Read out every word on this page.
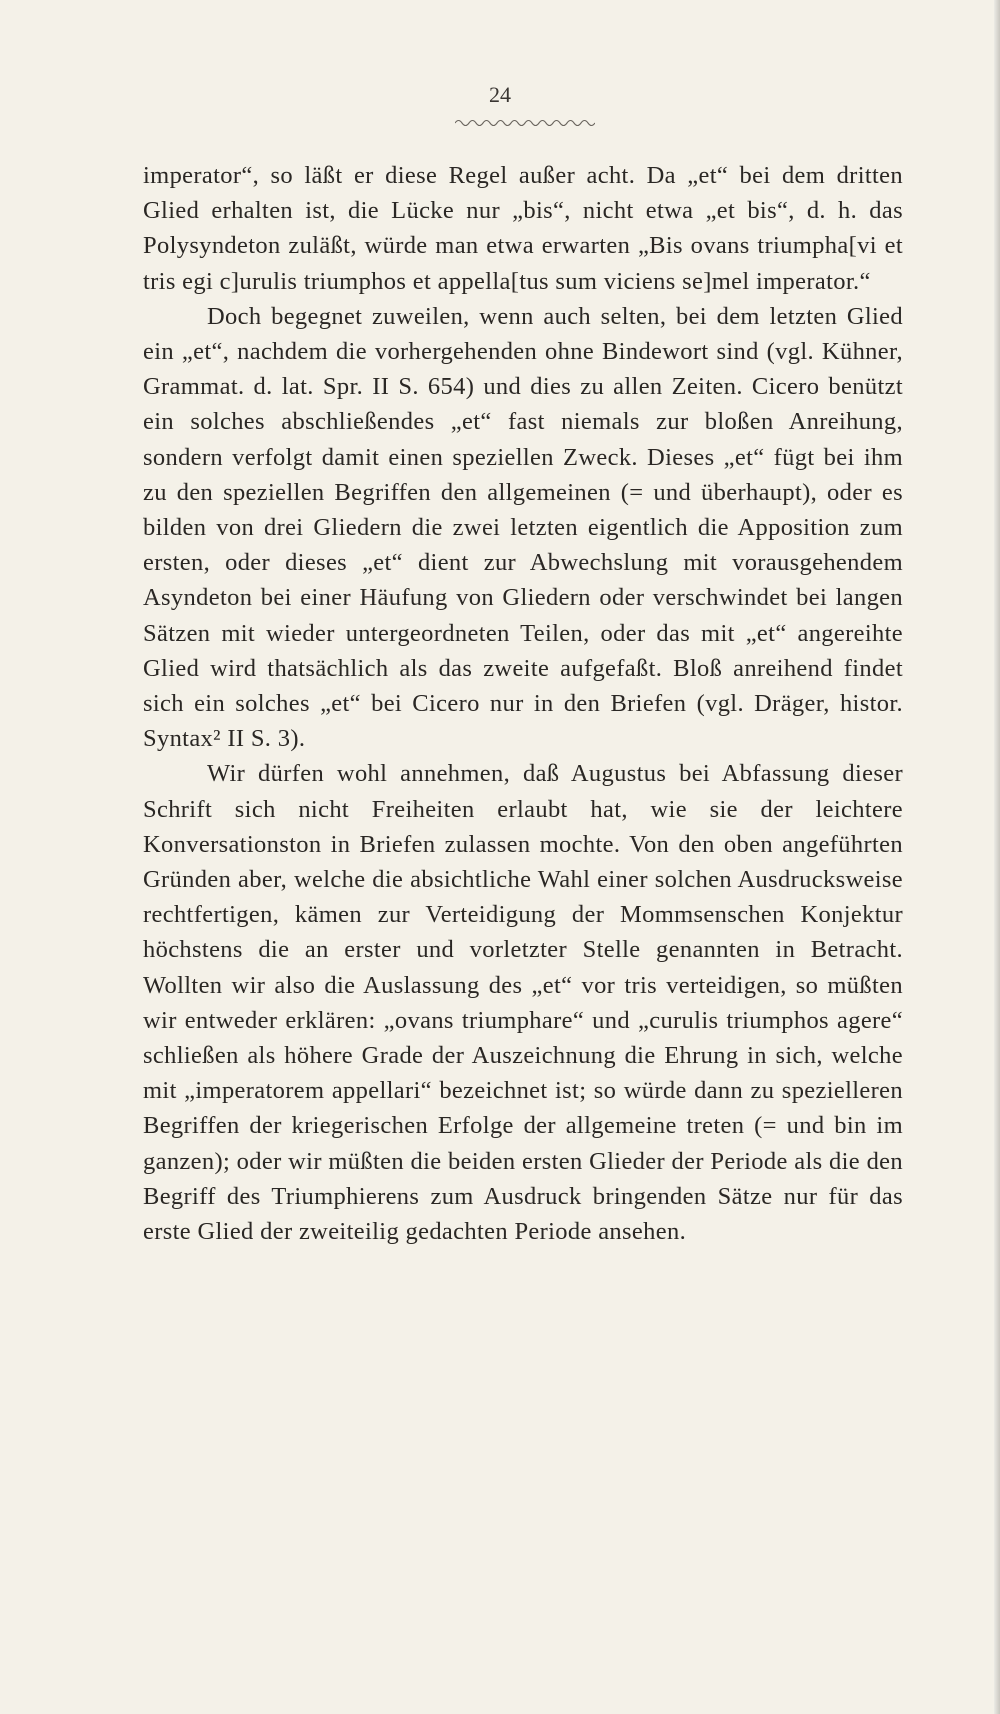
24

imperator“, so läßt er diese Regel außer acht. Da „et“ bei dem dritten Glied erhalten ist, die Lücke nur „bis“, nicht etwa „et bis“, d. h. das Polysyndeton zuläßt, würde man etwa erwarten „Bis ovans triumpha[vi et tris egi c]urulis triumphos et appella[tus sum viciens se]mel imperator.“

Doch begegnet zuweilen, wenn auch selten, bei dem letzten Glied ein „et“, nachdem die vorhergehenden ohne Bindewort sind (vgl. Kühner, Grammat. d. lat. Spr. II S. 654) und dies zu allen Zeiten. Cicero benützt ein solches abschließendes „et“ fast niemals zur bloßen Anreihung, sondern verfolgt damit einen speziellen Zweck. Dieses „et“ fügt bei ihm zu den speziellen Begriffen den allgemeinen (= und überhaupt), oder es bilden von drei Gliedern die zwei letzten eigentlich die Apposition zum ersten, oder dieses „et“ dient zur Abwechslung mit vorausgehendem Asyndeton bei einer Häufung von Gliedern oder verschwindet bei langen Sätzen mit wieder untergeordneten Teilen, oder das mit „et“ angereihte Glied wird thatsächlich als das zweite aufgefaßt. Bloß anreihend findet sich ein solches „et“ bei Cicero nur in den Briefen (vgl. Dräger, histor. Syntax² II S. 3).

Wir dürfen wohl annehmen, daß Augustus bei Abfassung dieser Schrift sich nicht Freiheiten erlaubt hat, wie sie der leichtere Konversationston in Briefen zulassen mochte. Von den oben angeführten Gründen aber, welche die absichtliche Wahl einer solchen Ausdrucksweise rechtfertigen, kämen zur Verteidigung der Mommsenschen Konjektur höchstens die an erster und vorletzter Stelle genannten in Betracht. Wollten wir also die Auslassung des „et“ vor tris verteidigen, so müßten wir entweder erklären: „ovans triumphare“ und „curulis triumphos agere“ schließen als höhere Grade der Auszeichnung die Ehrung in sich, welche mit „imperatorem appellari“ bezeichnet ist; so würde dann zu spezielleren Begriffen der kriegerischen Erfolge der allgemeine treten (= und bin im ganzen); oder wir müßten die beiden ersten Glieder der Periode als die den Begriff des Triumphierens zum Ausdruck bringenden Sätze nur für das erste Glied der zweiteilig gedachten Periode ansehen.
